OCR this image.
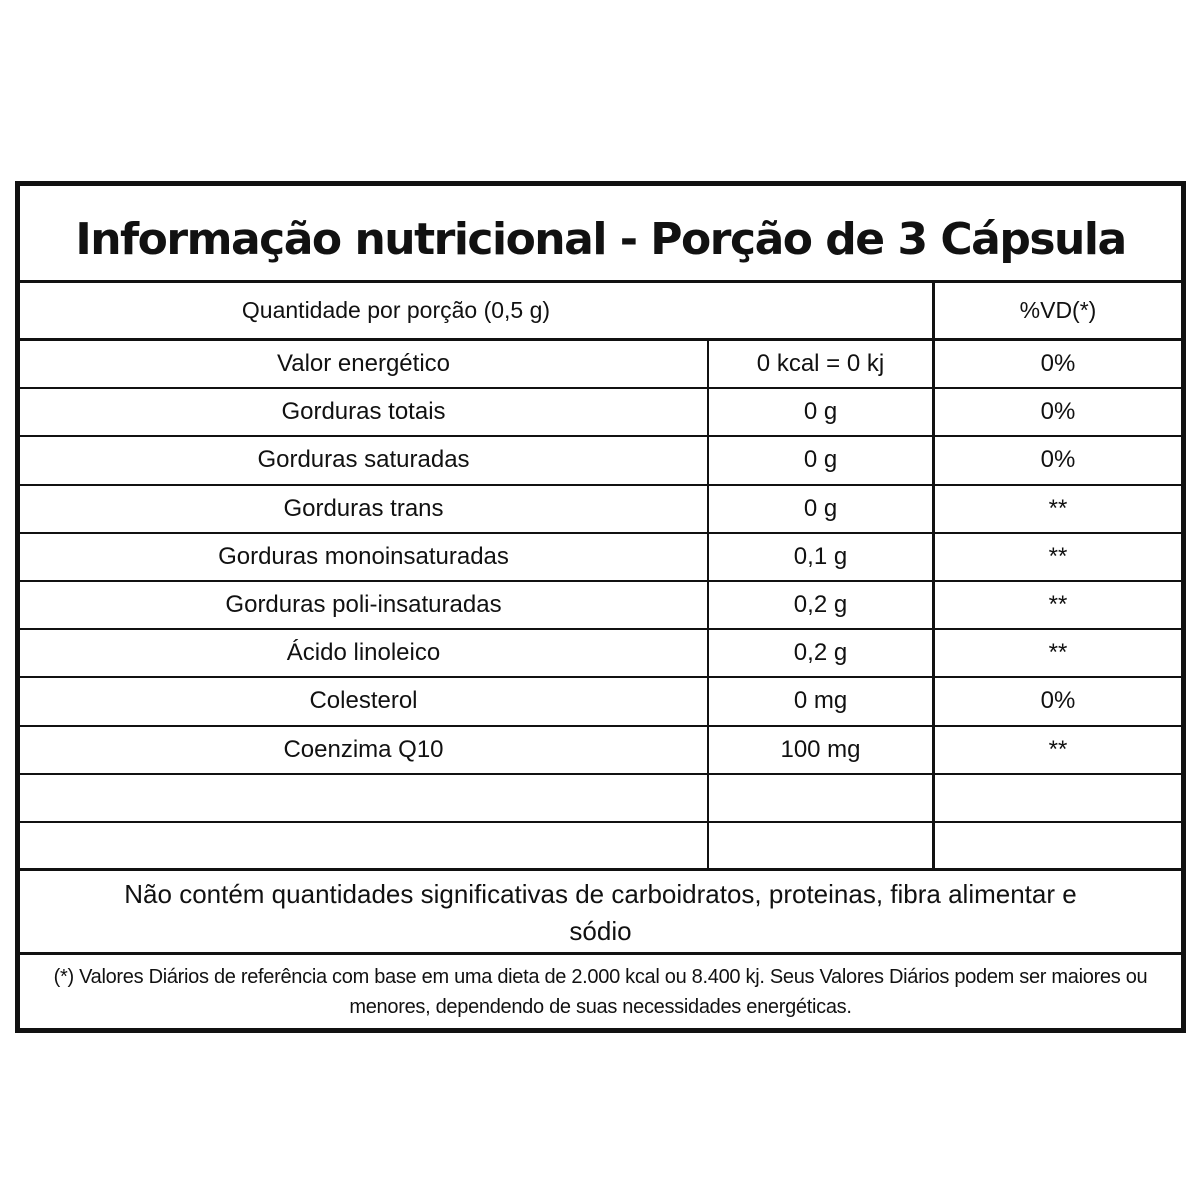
Informação nutricional - Porção de 3 Cápsula
Quantidade por porção (0,5 g)	%VD(*)
Valor energético	0 kcal = 0 kj	0%
Gorduras totais	0 g	0%
Gorduras saturadas	0 g	0%
Gorduras trans	0 g	**
Gorduras monoinsaturadas	0,1 g	**
Gorduras poli-insaturadas	0,2 g	**
Ácido linoleico	0,2 g	**
Colesterol	0 mg	0%
Coenzima Q10	100 mg	**
Não contém quantidades significativas de carboidratos, proteinas, fibra alimentar e sódio
(*) Valores Diários de referência com base em uma dieta de 2.000 kcal ou 8.400 kj. Seus Valores Diários podem ser maiores ou menores, dependendo de suas necessidades energéticas.
